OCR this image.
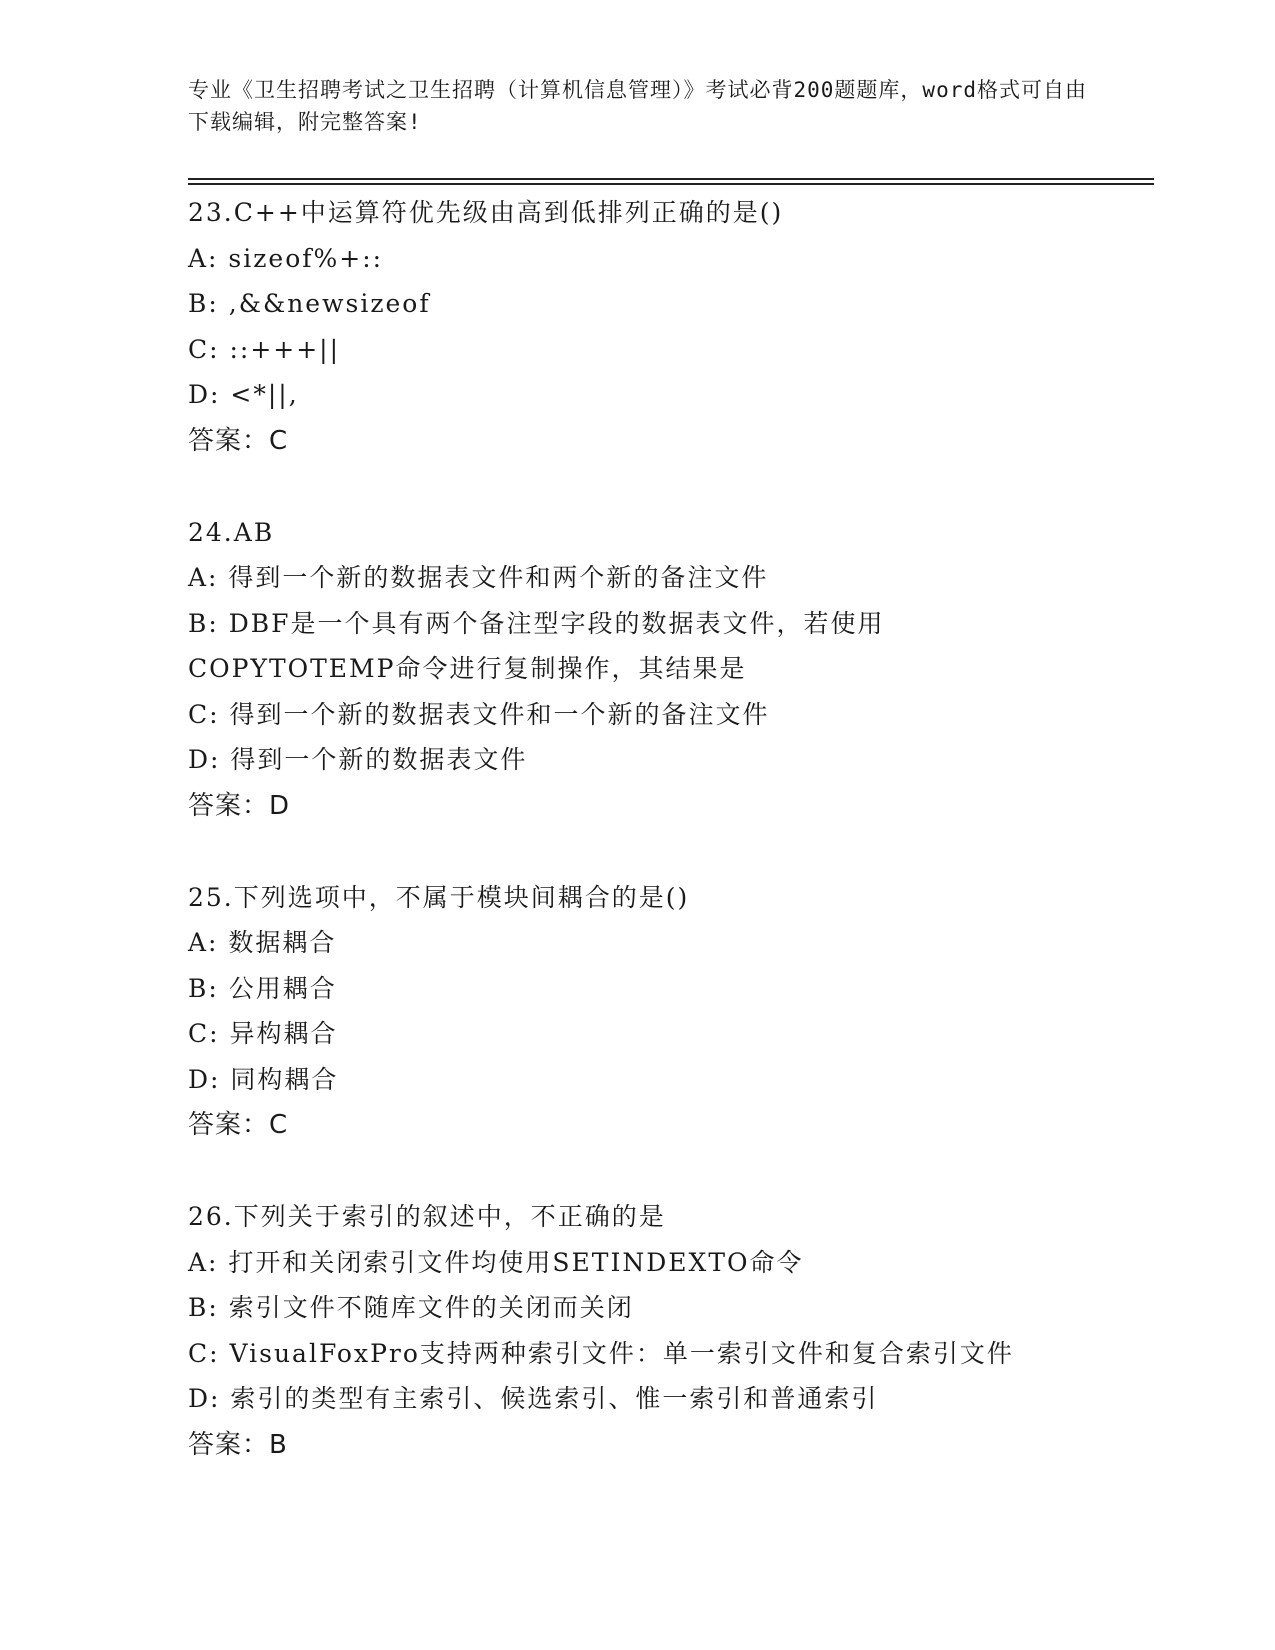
专业《卫生招聘考试之卫生招聘（计算机信息管理）》考试必背200题题库，word格式可自由下载编辑，附完整答案!
23.C++中运算符优先级由高到低排列正确的是()
A: sizeof%+::
B: ,&&newsizeof
C: ::+++||
D: <*||,
答案：C
24.AB
A: 得到一个新的数据表文件和两个新的备注文件
B: DBF是一个具有两个备注型字段的数据表文件，若使用COPYTOTEMP命令进行复制操作，其结果是
C: 得到一个新的数据表文件和一个新的备注文件
D: 得到一个新的数据表文件
答案：D
25.下列选项中，不属于模块间耦合的是()
A: 数据耦合
B: 公用耦合
C: 异构耦合
D: 同构耦合
答案：C
26.下列关于索引的叙述中，不正确的是
A: 打开和关闭索引文件均使用SETINDEXTO命令
B: 索引文件不随库文件的关闭而关闭
C: VisualFoxPro支持两种索引文件：单一索引文件和复合索引文件
D: 索引的类型有主索引、候选索引、惟一索引和普通索引
答案：B
